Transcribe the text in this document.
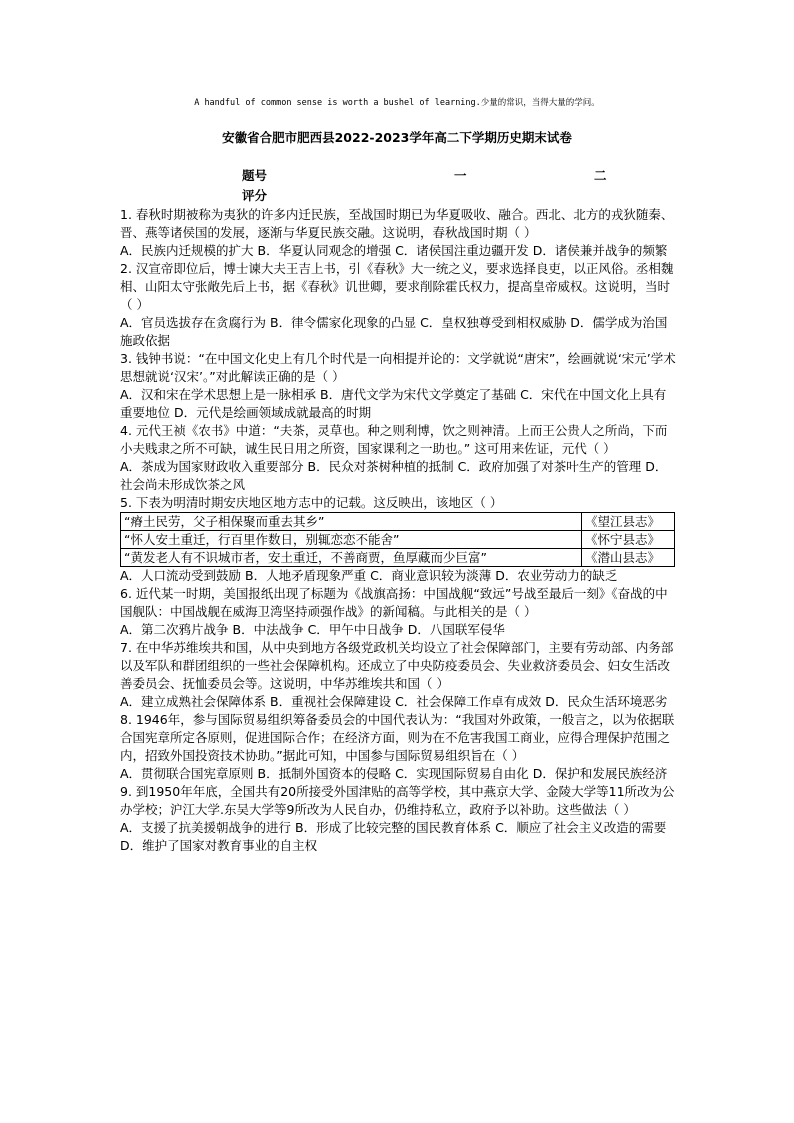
A handful of common sense is worth a bushel of learning.少量的常识，当得大量的学问。
安徽省合肥市肥西县2022-2023学年高二下学期历史期末试卷
题号	一	二
评分

1. 春秋时期被称为夷狄的许多内迁民族，至战国时期已为华夏吸收、融合。西北、北方的戎狄随秦、晋、燕等诸侯国的发展，逐渐与华夏民族交融。这说明，春秋战国时期（ ）

A．民族内迁规模的扩大 B．华夏认同观念的增强 C．诸侯国注重边疆开发 D．诸侯兼并战争的频繁

2. 汉宣帝即位后，博士谏大夫王吉上书，引《春秋》大一统之义，要求选择良吏，以正风俗。丞相魏相、山阳太守张敞先后上书，据《春秋》讥世卿，要求削除霍氏权力，提高皇帝威权。这说明，当时（ ）

A．官员选拔存在贪腐行为 B．律令儒家化现象的凸显 C．皇权独尊受到相权威胁 D．儒学成为治国施政依据

3. 钱钟书说：“在中国文化史上有几个时代是一向相提并论的：文学就说“唐宋”，绘画就说‘宋元’学术思想就说‘汉宋’。”对此解读正确的是（ ）

A．汉和宋在学术思想上是一脉相承 B．唐代文学为宋代文学奠定了基础 C．宋代在中国文化上具有重要地位 D．元代是绘画领域成就最高的时期

4. 元代王祯《农书》中道：“夫茶，灵草也。种之则利博，饮之则神清。上而王公贵人之所尚，下而小夫贱隶之所不可缺，诚生民日用之所资，国家课利之一助也。” 这可用来佐证，元代（ ）

A．茶成为国家财政收入重要部分 B．民众对茶树种植的抵制 C．政府加强了对茶叶生产的管理 D．社会尚未形成饮茶之风

5. 下表为明清时期安庆地区地方志中的记载。这反映出，该地区（ ）

“瘠土民劳，父子相保聚而重去其乡”	《望江县志》
“怀人安土重迁，行百里作数日，别辄恋恋不能舍”	《怀宁县志》
“黄发老人有不识城市者，安土重迁，不善商贾，鱼厚藏而少巨富”	《潜山县志》

A．人口流动受到鼓励 B．人地矛盾现象严重 C．商业意识较为淡薄 D．农业劳动力的缺乏

6. 近代某一时期，美国报纸出现了标题为《战旗高扬：中国战舰“致远”号战至最后一刻》《奋战的中国舰队：中国战舰在威海卫湾坚持顽强作战》的新闻稿。与此相关的是（ ）

A．第二次鸦片战争 B．中法战争 C．甲午中日战争 D．八国联军侵华

7. 在中华苏维埃共和国，从中央到地方各级党政机关均设立了社会保障部门，主要有劳动部、内务部以及军队和群团组织的一些社会保障机构。还成立了中央防疫委员会、失业救济委员会、妇女生活改善委员会、抚恤委员会等。这说明，中华苏维埃共和国（ ）

A．建立成熟社会保障体系 B．重视社会保障建设 C．社会保障工作卓有成效 D．民众生活环境恶劣

8. 1946年，参与国际贸易组织筹备委员会的中国代表认为：“我国对外政策，一般言之，以为依据联合国宪章所定各原则，促进国际合作；在经济方面，则为在不危害我国工商业，应得合理保护范围之内，招致外国投资技术协助。”据此可知，中国参与国际贸易组织旨在（ ）

A．贯彻联合国宪章原则 B．抵制外国资本的侵略 C．实现国际贸易自由化 D．保护和发展民族经济

9. 到1950年年底，全国共有20所接受外国津贴的高等学校，其中燕京大学、金陵大学等11所改为公办学校；沪江大学.东吴大学等9所改为人民自办，仍维持私立，政府予以补助。这些做法（ ）

A．支援了抗美援朝战争的进行 B．形成了比较完整的国民教育体系 C．顺应了社会主义改造的需要 D．维护了国家对教育事业的自主权
